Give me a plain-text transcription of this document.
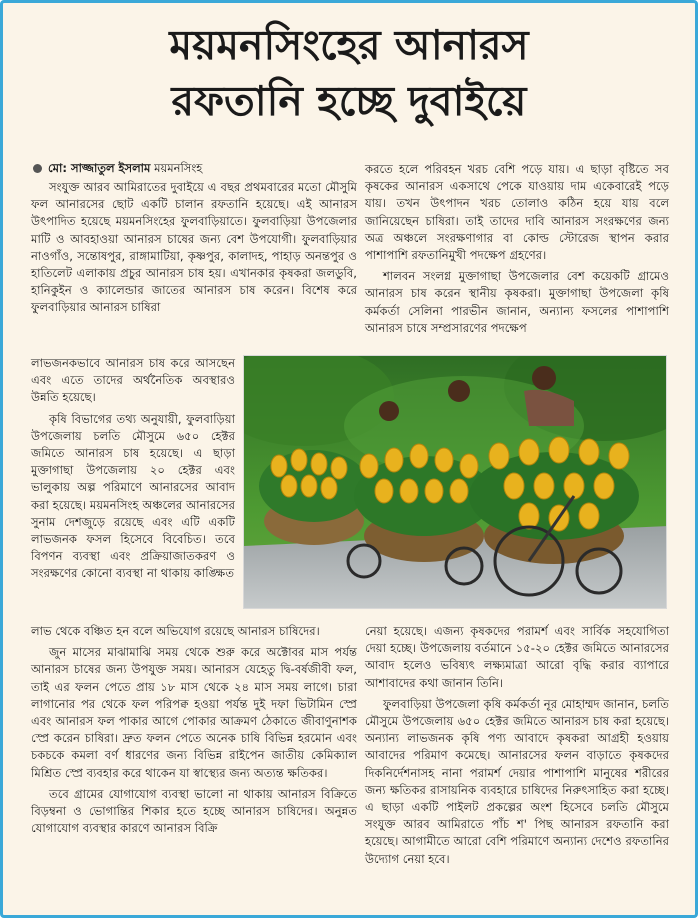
ময়মনসিংহের আনারস
রফতানি হচ্ছে দুবাইয়ে
মো: সাজ্জাতুল ইসলাম ময়মনসিংহ

সংযুক্ত আরব আমিরাতের দুবাইয়ে এ বছর প্রথমবারের মতো মৌসুমি ফল আনারসের ছোট একটি চালান রফতানি হয়েছে। এই আনারস উৎপাদিত হয়েছে ময়মনসিংহের ফুলবাড়িয়াতে। ফুলবাড়িয়া উপজেলার মাটি ও আবহাওয়া আনারস চাষের জন্য বেশ উপযোগী। ফুলবাড়িয়ার নাওগাঁও, সন্তোষপুর, রাঙ্গামাটিয়া, কৃষ্ণপুর, কালাদহ, পাহাড় অনন্তপুর ও হাতিলেট এলাকায় প্রচুর আনারস চাষ হয়। এখানকার কৃষকরা জলডুবি, হানিকুইন ও ক্যালেন্ডার জাতের আনারস চাষ করেন। বিশেষ করে ফুলবাড়িয়ার আনারস চাষিরা

লাভজনকভাবে আনারস চাষ করে আসছেন এবং এতে তাদের অর্থনৈতিক অবস্থারও উন্নতি হয়েছে।

কৃষি বিভাগের তথ্য অনুযায়ী, ফুলবাড়িয়া উপজেলায় চলতি মৌসুমে ৬৫০ হেক্টর জমিতে আনারস চাষ হয়েছে। এ ছাড়া মুক্তাগাছা উপজেলায় ২০ হেক্টর এবং ভালুকায় অল্প পরিমাণে আনারসের আবাদ করা হয়েছে। ময়মনসিংহ অঞ্চলের আনারসের সুনাম দেশজুড়ে রয়েছে এবং এটি একটি লাভজনক ফসল হিসেবে বিবেচিত। তবে বিপণন ব্যবস্থা এবং প্রক্রিয়াজাতকরণ ও সংরক্ষণের কোনো ব্যবস্থা না থাকায় কাঙ্ক্ষিত

লাভ থেকে বঞ্চিত হন বলে অভিযোগ রয়েছে আনারস চাষিদের।

জুন মাসের মাঝামাঝি সময় থেকে শুরু করে অক্টোবর মাস পর্যন্ত আনারস চাষের জন্য উপযুক্ত সময়। আনারস যেহেতু দ্বি-বর্ষজীবী ফল, তাই এর ফলন পেতে প্রায় ১৮ মাস থেকে ২৪ মাস সময় লাগে। চারা লাগানোর পর থেকে ফল পরিপক্ব হওয়া পর্যন্ত দুই দফা ভিটামিন স্প্রে এবং আনারস ফল পাকার আগে পোকার আক্রমণ ঠেকাতে জীবাণুনাশক স্প্রে করেন চাষিরা। দ্রুত ফলন পেতে অনেক চাষি বিভিন্ন হরমোন এবং চকচকে কমলা বর্ণ ধারণের জন্য বিভিন্ন রাইপেন জাতীয় কেমিক্যাল মিশ্রিত স্প্রে ব্যবহার করে থাকেন যা স্বাস্থ্যের জন্য অত্যন্ত ক্ষতিকর।

তবে গ্রামের যোগাযোগ ব্যবস্থা ভালো না থাকায় আনারস বিক্রিতে বিড়ম্বনা ও ভোগান্তির শিকার হতে হচ্ছে আনারস চাষিদের। অনুন্নত যোগাযোগ ব্যবস্থার কারণে আনারস বিক্রি

করতে হলে পরিবহন খরচ বেশি পড়ে যায়। এ ছাড়া বৃষ্টিতে সব কৃষকের আনারস একসাথে পেকে যাওয়ায় দাম একেবারেই পড়ে যায়। তখন উৎপাদন খরচ তোলাও কঠিন হয়ে যায় বলে জানিয়েছেন চাষিরা। তাই তাদের দাবি আনারস সংরক্ষণের জন্য অত্র অঞ্চলে সংরক্ষণাগার বা কোল্ড স্টোরেজ স্থাপন করার পাশাপাশি রফতানিমুখী পদক্ষেপ গ্রহণের।

শালবন সংলগ্ন মুক্তাগাছা উপজেলার বেশ কয়েকটি গ্রামেও আনারস চাষ করেন স্থানীয় কৃষকরা। মুক্তাগাছা উপজেলা কৃষি কর্মকর্তা সেলিনা পারভীন জানান, অন্যান্য ফসলের পাশাপাশি আনারস চাষে সম্প্রসারণের পদক্ষেপ

নেয়া হয়েছে। এজন্য কৃষকদের পরামর্শ এবং সার্বিক সহযোগিতা দেয়া হচ্ছে। উপজেলায় বর্তমানে ১৫-২০ হেক্টর জমিতে আনারসের আবাদ হলেও ভবিষ্যৎ লক্ষ্যমাত্রা আরো বৃদ্ধি করার ব্যাপারে আশাবাদের কথা জানান তিনি।

ফুলবাড়িয়া উপজেলা কৃষি কর্মকর্তা নূর মোহাম্মদ জানান, চলতি মৌসুমে উপজেলায় ৬৫০ হেক্টর জমিতে আনারস চাষ করা হয়েছে। অন্যান্য লাভজনক কৃষি পণ্য আবাদে কৃষকরা আগ্রহী হওয়ায় আবাদের পরিমাণ কমেছে। আনারসের ফলন বাড়াতে কৃষকদের দিকনির্দেশনাসহ নানা পরামর্শ দেয়ার পাশাপাশি মানুষের শরীরের জন্য ক্ষতিকর রাসায়নিক ব্যবহারে চাষিদের নিরুৎসাহিত করা হচ্ছে। এ ছাড়া একটি পাইলট প্রকল্পের অংশ হিসেবে চলতি মৌসুমে সংযুক্ত আরব আমিরাতে পাঁচ শ' পিছ আনারস রফতানি করা হয়েছে। আগামীতে আরো বেশি পরিমাণে অন্যান্য দেশেও রফতানির উদ্যোগ নেয়া হবে।
